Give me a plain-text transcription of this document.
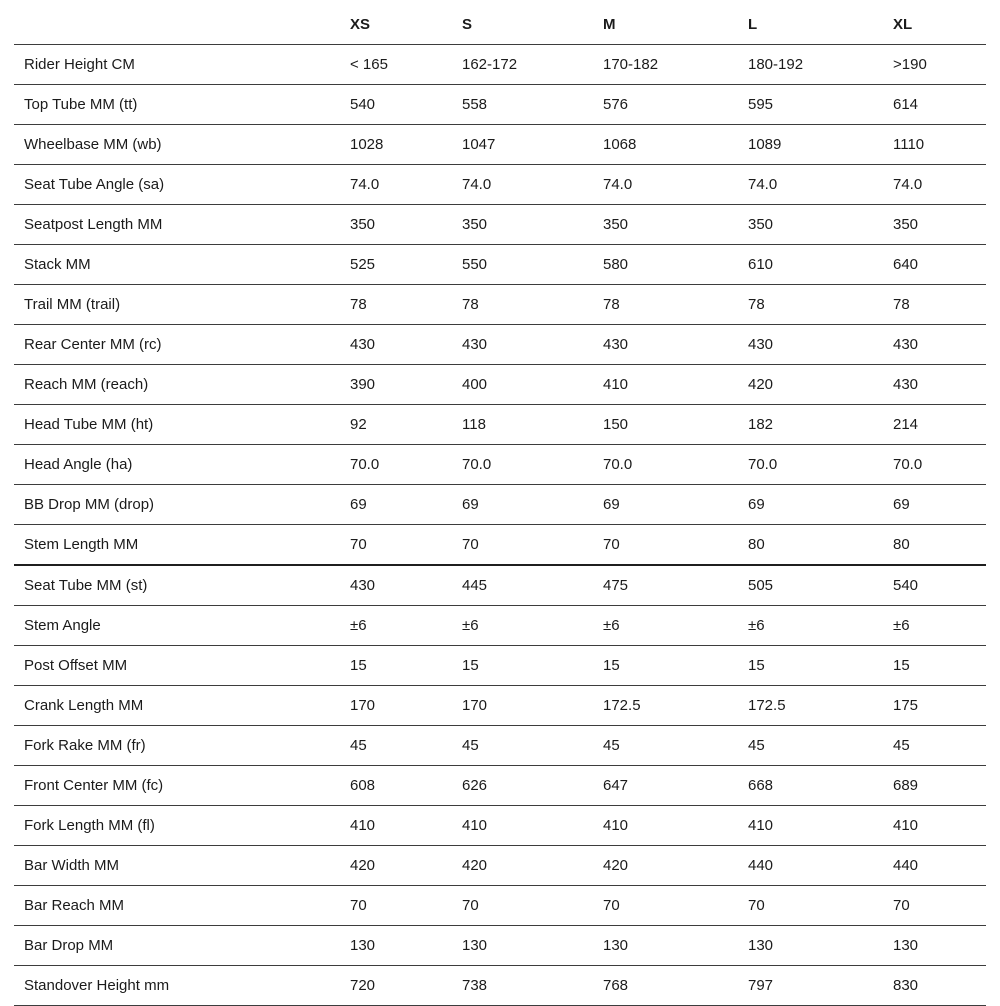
	XS	S	M	L	XL
Rider Height CM	< 165	162-172	170-182	180-192	>190
Top Tube MM (tt)	540	558	576	595	614
Wheelbase MM (wb)	1028	1047	1068	1089	1110
Seat Tube Angle (sa)	74.0	74.0	74.0	74.0	74.0
Seatpost Length MM	350	350	350	350	350
Stack MM	525	550	580	610	640
Trail MM (trail)	78	78	78	78	78
Rear Center MM (rc)	430	430	430	430	430
Reach MM (reach)	390	400	410	420	430
Head Tube MM (ht)	92	118	150	182	214
Head Angle (ha)	70.0	70.0	70.0	70.0	70.0
BB Drop MM (drop)	69	69	69	69	69
Stem Length MM	70	70	70	80	80
Seat Tube MM (st)	430	445	475	505	540
Stem Angle	±6	±6	±6	±6	±6
Post Offset MM	15	15	15	15	15
Crank Length MM	170	170	172.5	172.5	175
Fork Rake MM (fr)	45	45	45	45	45
Front Center MM (fc)	608	626	647	668	689
Fork Length MM (fl)	410	410	410	410	410
Bar Width MM	420	420	420	440	440
Bar Reach MM	70	70	70	70	70
Bar Drop MM	130	130	130	130	130
Standover Height mm	720	738	768	797	830
